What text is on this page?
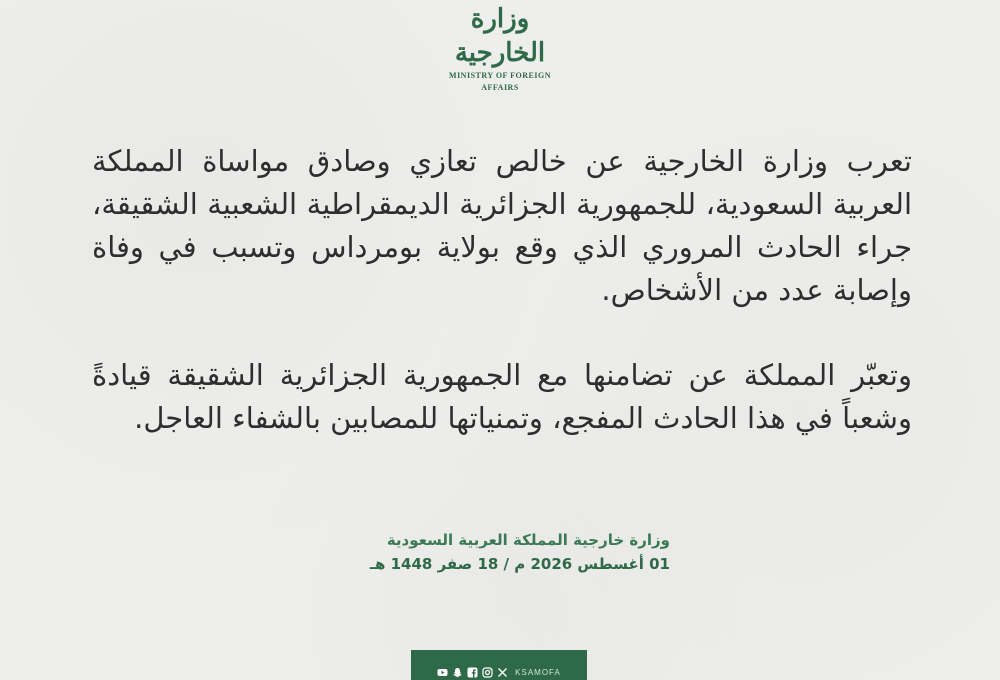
وزارة الخارجية
MINISTRY OF FOREIGN AFFAIRS

تعرب وزارة الخارجية عن خالص تعازي وصادق مواساة المملكة العربية السعودية، للجمهورية الجزائرية الديمقراطية الشعبية الشقيقة، جراء الحادث المروري الذي وقع بولاية بومرداس وتسبب في وفاة وإصابة عدد من الأشخاص.

وتعبّر المملكة عن تضامنها مع الجمهورية الجزائرية الشقيقة قيادةً وشعباً في هذا الحادث المفجع، وتمنياتها للمصابين بالشفاء العاجل.

وزارة خارجية المملكة العربية السعودية
01 أغسطس 2026 م / 18 صفر 1448 هـ
KSAMOFA
